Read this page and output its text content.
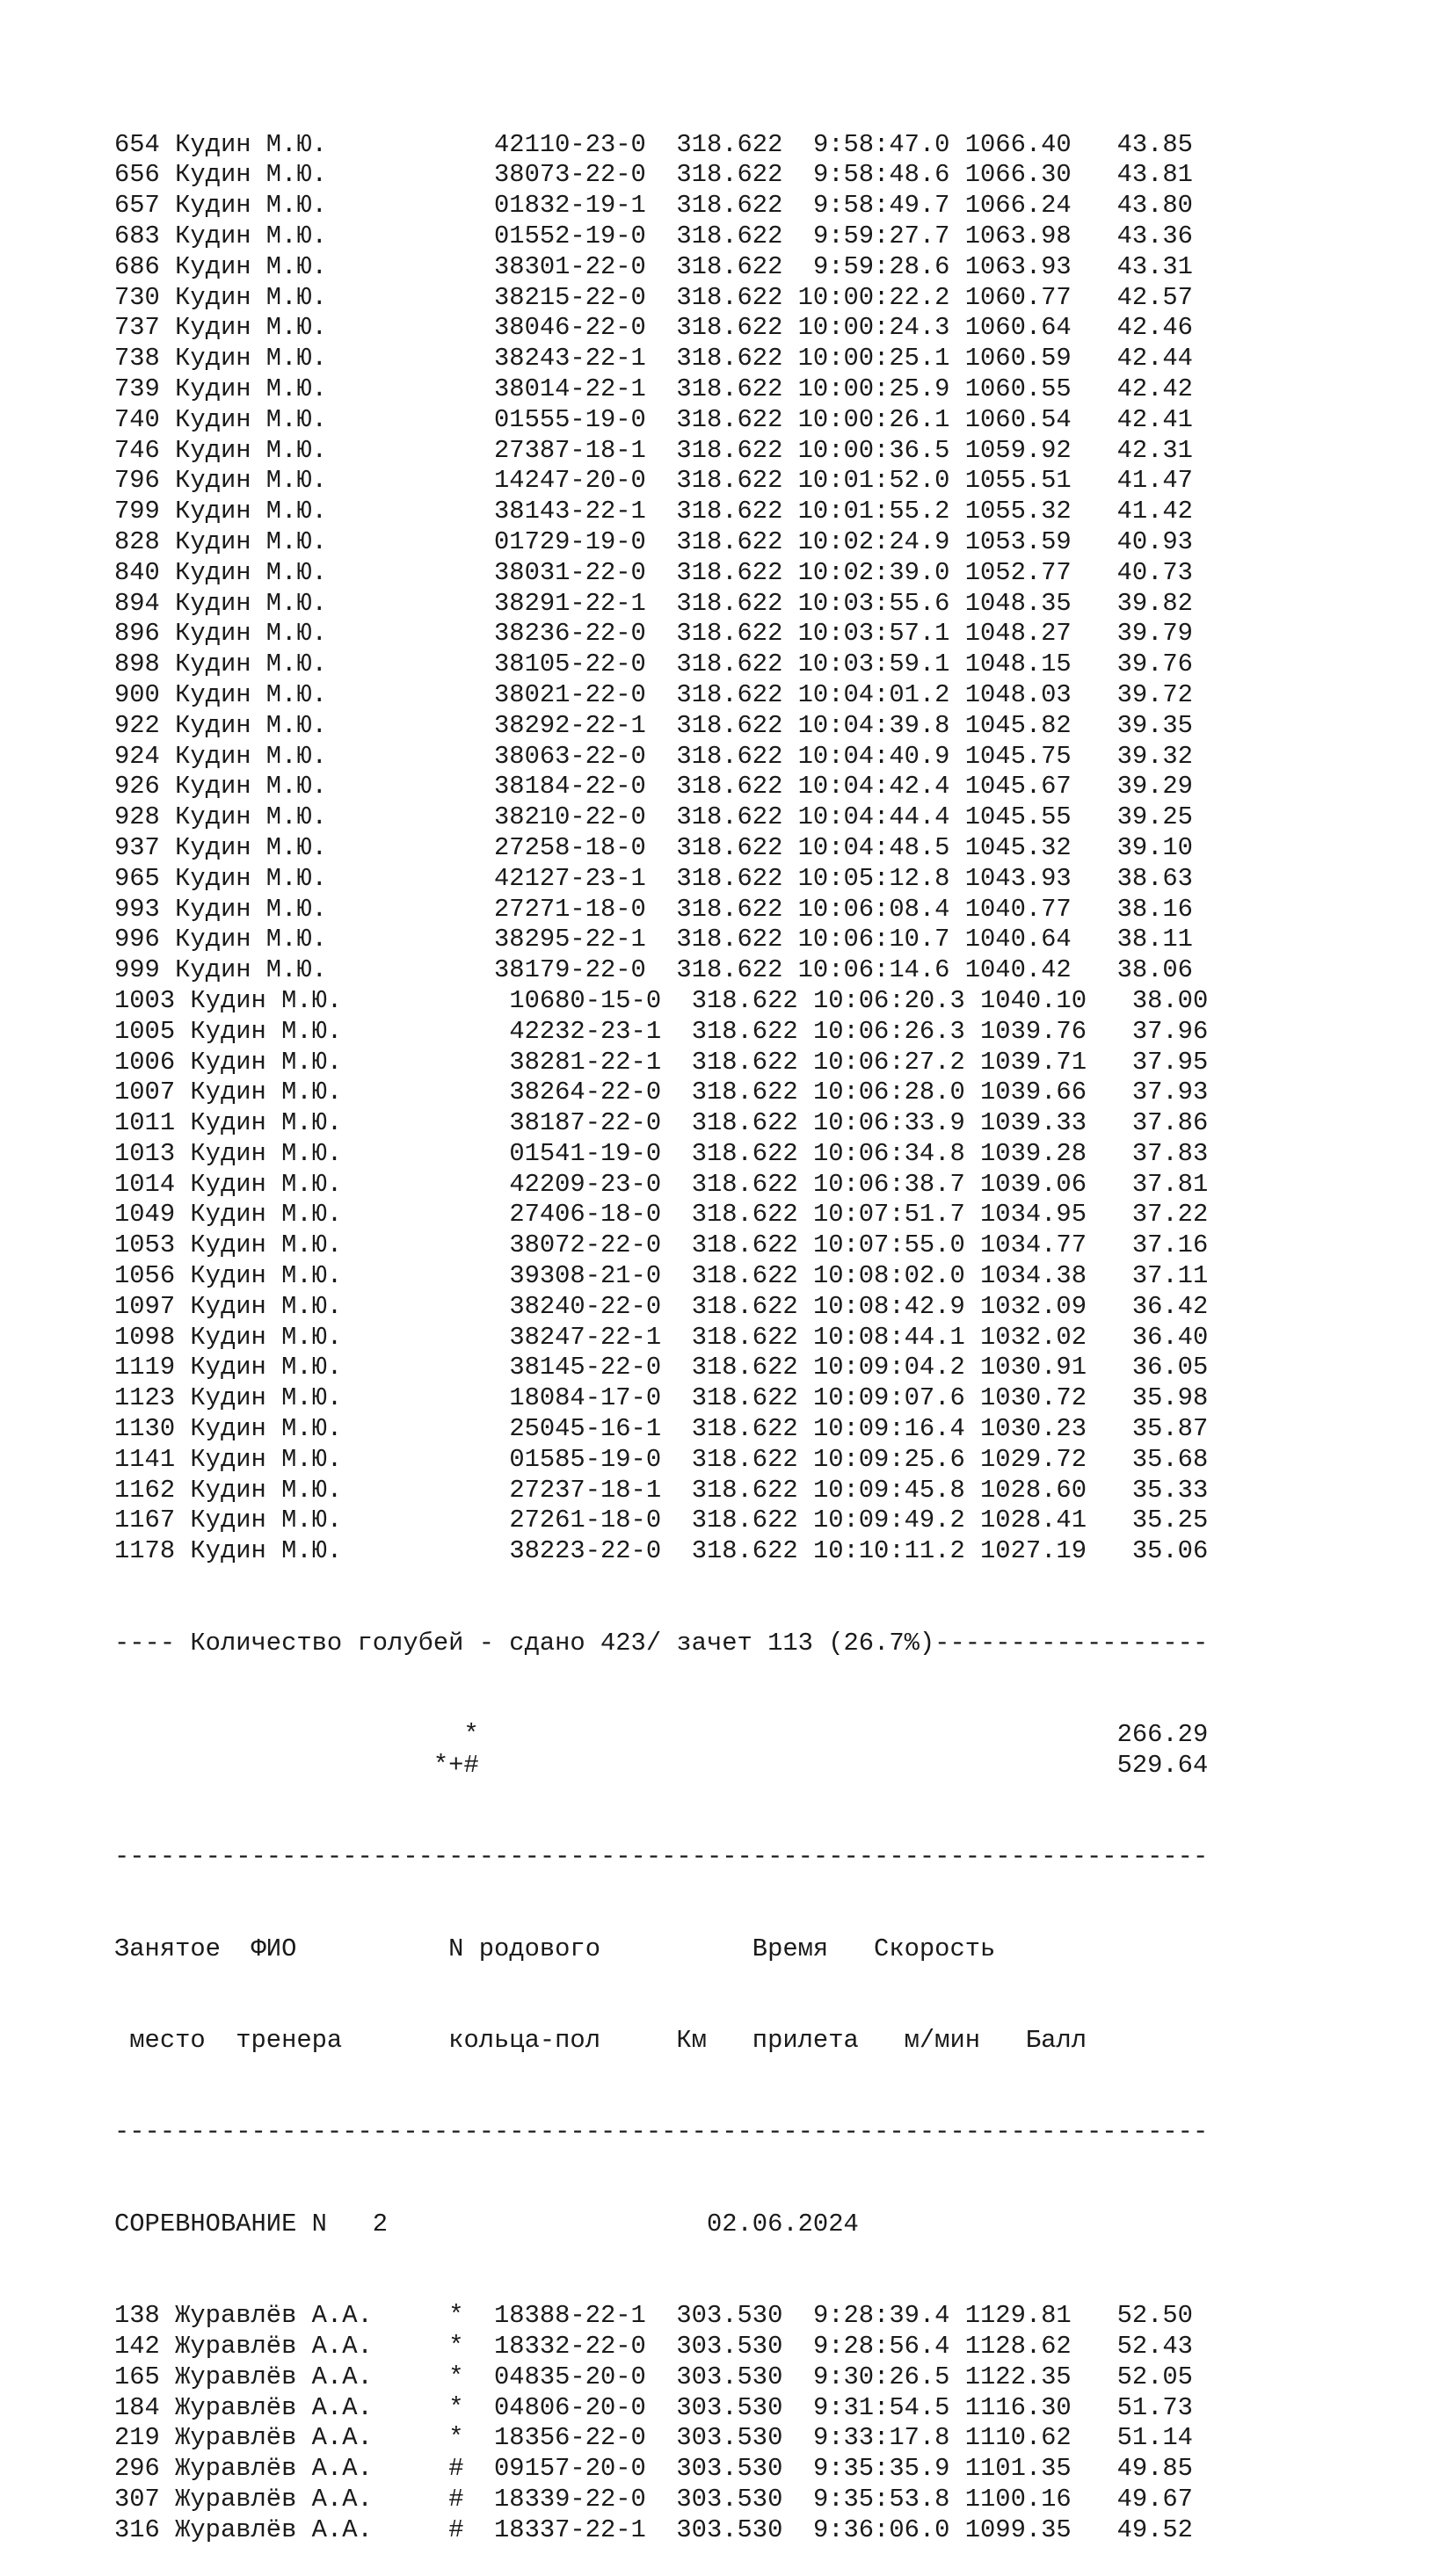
654 Кудин М.Ю.	42110-23-0 318.622 9:58:47.0 1066.40 43.85
656 Кудин М.Ю.	38073-22-0 318.622 9:58:48.6 1066.30 43.81
657 Кудин М.Ю.	01832-19-1 318.622 9:58:49.7 1066.24 43.80
683 Кудин М.Ю.	01552-19-0 318.622 9:59:27.7 1063.98 43.36
686 Кудин М.Ю.	38301-22-0 318.622 9:59:28.6 1063.93 43.31
730 Кудин М.Ю.	38215-22-0 318.622 10:00:22.2 1060.77 42.57
737 Кудин М.Ю.	38046-22-0 318.622 10:00:24.3 1060.64 42.46
738 Кудин М.Ю.	38243-22-1 318.622 10:00:25.1 1060.59 42.44
739 Кудин М.Ю.	38014-22-1 318.622 10:00:25.9 1060.55 42.42
740 Кудин М.Ю.	01555-19-0 318.622 10:00:26.1 1060.54 42.41
746 Кудин М.Ю.	27387-18-1 318.622 10:00:36.5 1059.92 42.31
796 Кудин М.Ю.	14247-20-0 318.622 10:01:52.0 1055.51 41.47
799 Кудин М.Ю.	38143-22-1 318.622 10:01:55.2 1055.32 41.42
828 Кудин М.Ю.	01729-19-0 318.622 10:02:24.9 1053.59 40.93
840 Кудин М.Ю.	38031-22-0 318.622 10:02:39.0 1052.77 40.73
894 Кудин М.Ю.	38291-22-1 318.622 10:03:55.6 1048.35 39.82
896 Кудин М.Ю.	38236-22-0 318.622 10:03:57.1 1048.27 39.79
898 Кудин М.Ю.	38105-22-0 318.622 10:03:59.1 1048.15 39.76
900 Кудин М.Ю.	38021-22-0 318.622 10:04:01.2 1048.03 39.72
922 Кудин М.Ю.	38292-22-1 318.622 10:04:39.8 1045.82 39.35
924 Кудин М.Ю.	38063-22-0 318.622 10:04:40.9 1045.75 39.32
926 Кудин М.Ю.	38184-22-0 318.622 10:04:42.4 1045.67 39.29
928 Кудин М.Ю.	38210-22-0 318.622 10:04:44.4 1045.55 39.25
937 Кудин М.Ю.	27258-18-0 318.622 10:04:48.5 1045.32 39.10
965 Кудин М.Ю.	42127-23-1 318.622 10:05:12.8 1043.93 38.63
993 Кудин М.Ю.	27271-18-0 318.622 10:06:08.4 1040.77 38.16
996 Кудин М.Ю.	38295-22-1 318.622 10:06:10.7 1040.64 38.11
999 Кудин М.Ю.	38179-22-0 318.622 10:06:14.6 1040.42 38.06
1003 Кудин М.Ю.	10680-15-0 318.622 10:06:20.3 1040.10 38.00
1005 Кудин М.Ю.	42232-23-1 318.622 10:06:26.3 1039.76 37.96
1006 Кудин М.Ю.	38281-22-1 318.622 10:06:27.2 1039.71 37.95
1007 Кудин М.Ю.	38264-22-0 318.622 10:06:28.0 1039.66 37.93
1011 Кудин М.Ю.	38187-22-0 318.622 10:06:33.9 1039.33 37.86
1013 Кудин М.Ю.	01541-19-0 318.622 10:06:34.8 1039.28 37.83
1014 Кудин М.Ю.	42209-23-0 318.622 10:06:38.7 1039.06 37.81
1049 Кудин М.Ю.	27406-18-0 318.622 10:07:51.7 1034.95 37.22
1053 Кудин М.Ю.	38072-22-0 318.622 10:07:55.0 1034.77 37.16
1056 Кудин М.Ю.	39308-21-0 318.622 10:08:02.0 1034.38 37.11
1097 Кудин М.Ю.	38240-22-0 318.622 10:08:42.9 1032.09 36.42
1098 Кудин М.Ю.	38247-22-1 318.622 10:08:44.1 1032.02 36.40
1119 Кудин М.Ю.	38145-22-0 318.622 10:09:04.2 1030.91 36.05
1123 Кудин М.Ю.	18084-17-0 318.622 10:09:07.6 1030.72 35.98
1130 Кудин М.Ю.	25045-16-1 318.622 10:09:16.4 1030.23 35.87
1141 Кудин М.Ю.	01585-19-0 318.622 10:09:25.6 1029.72 35.68
1162 Кудин М.Ю.	27237-18-1 318.622 10:09:45.8 1028.60 35.33
1167 Кудин М.Ю.	27261-18-0 318.622 10:09:49.2 1028.41 35.25
1178 Кудин М.Ю.	38223-22-0 318.622 10:10:11.2 1027.19 35.06

---- Количество голубей - сдано 423/ зачет 113 (26.7%)------------------

*	266.29
*+#	529.64

------------------------------------------------------------------------

Занятое  ФИО          N родового          Время   Скорость

место  тренера       кольца-пол     Км   прилета   м/мин   Балл

------------------------------------------------------------------------

СОРЕВНОВАНИЕ N   2	02.06.2024

138 Журавлёв А.А.	* 18388-22-1 303.530 9:28:39.4 1129.81 52.50
142 Журавлёв А.А.	* 18332-22-0 303.530 9:28:56.4 1128.62 52.43
165 Журавлёв А.А.	* 04835-20-0 303.530 9:30:26.5 1122.35 52.05
184 Журавлёв А.А.	* 04806-20-0 303.530 9:31:54.5 1116.30 51.73
219 Журавлёв А.А.	* 18356-22-0 303.530 9:33:17.8 1110.62 51.14
296 Журавлёв А.А.	# 09157-20-0 303.530 9:35:35.9 1101.35 49.85
307 Журавлёв А.А.	# 18339-22-0 303.530 9:35:53.8 1100.16 49.67
316 Журавлёв А.А.	# 18337-22-1 303.530 9:36:06.0 1099.35 49.52
